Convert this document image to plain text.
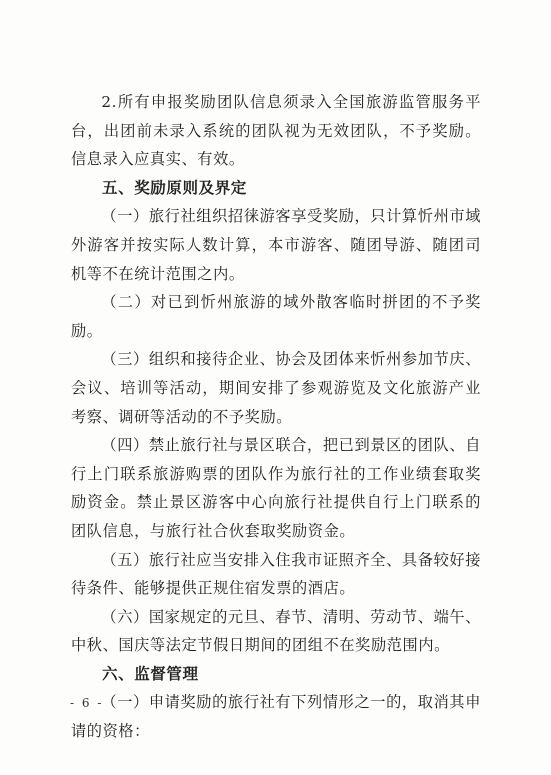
2.所有申报奖励团队信息须录入全国旅游监管服务平台，出团前未录入系统的团队视为无效团队，不予奖励。信息录入应真实、有效。

五、奖励原则及界定

（一）旅行社组织招徕游客享受奖励，只计算忻州市域外游客并按实际人数计算，本市游客、随团导游、随团司机等不在统计范围之内。

（二）对已到忻州旅游的域外散客临时拼团的不予奖励。

（三）组织和接待企业、协会及团体来忻州参加节庆、会议、培训等活动，期间安排了参观游览及文化旅游产业考察、调研等活动的不予奖励。

（四）禁止旅行社与景区联合，把已到景区的团队、自行上门联系旅游购票的团队作为旅行社的工作业绩套取奖励资金。禁止景区游客中心向旅行社提供自行上门联系的团队信息，与旅行社合伙套取奖励资金。

（五）旅行社应当安排入住我市证照齐全、具备较好接待条件、能够提供正规住宿发票的酒店。

（六）国家规定的元旦、春节、清明、劳动节、端午、中秋、国庆等法定节假日期间的团组不在奖励范围内。

六、监督管理

（一）申请奖励的旅行社有下列情形之一的，取消其申请的资格：

- 6 -
